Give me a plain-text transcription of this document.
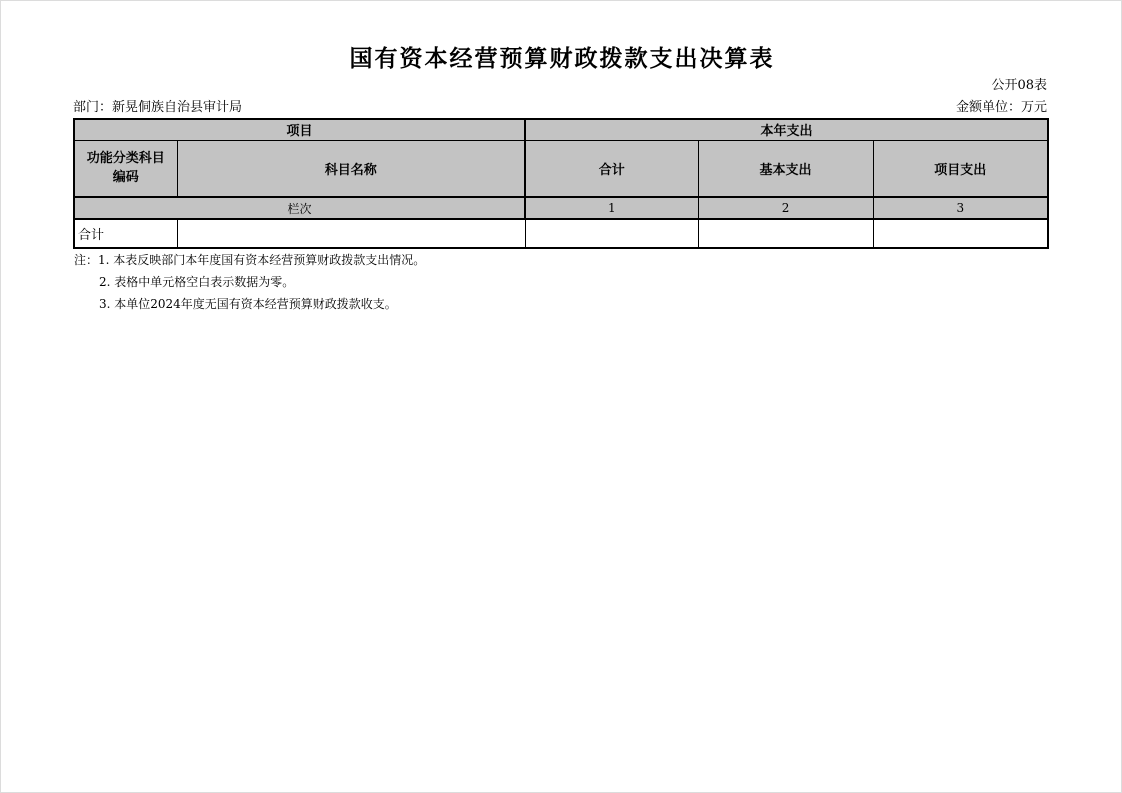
国有资本经营预算财政拨款支出决算表
公开08表
部门：新晃侗族自治县审计局	金额单位：万元
项目		本年支出		
功能分类科目
编码	科目名称	合计	基本支出	项目支出
栏次		1	2	3
合计				
注：1. 本表反映部门本年度国有资本经营预算财政拨款支出情况。
2. 表格中单元格空白表示数据为零。
3. 本单位2024年度无国有资本经营预算财政拨款收支。
